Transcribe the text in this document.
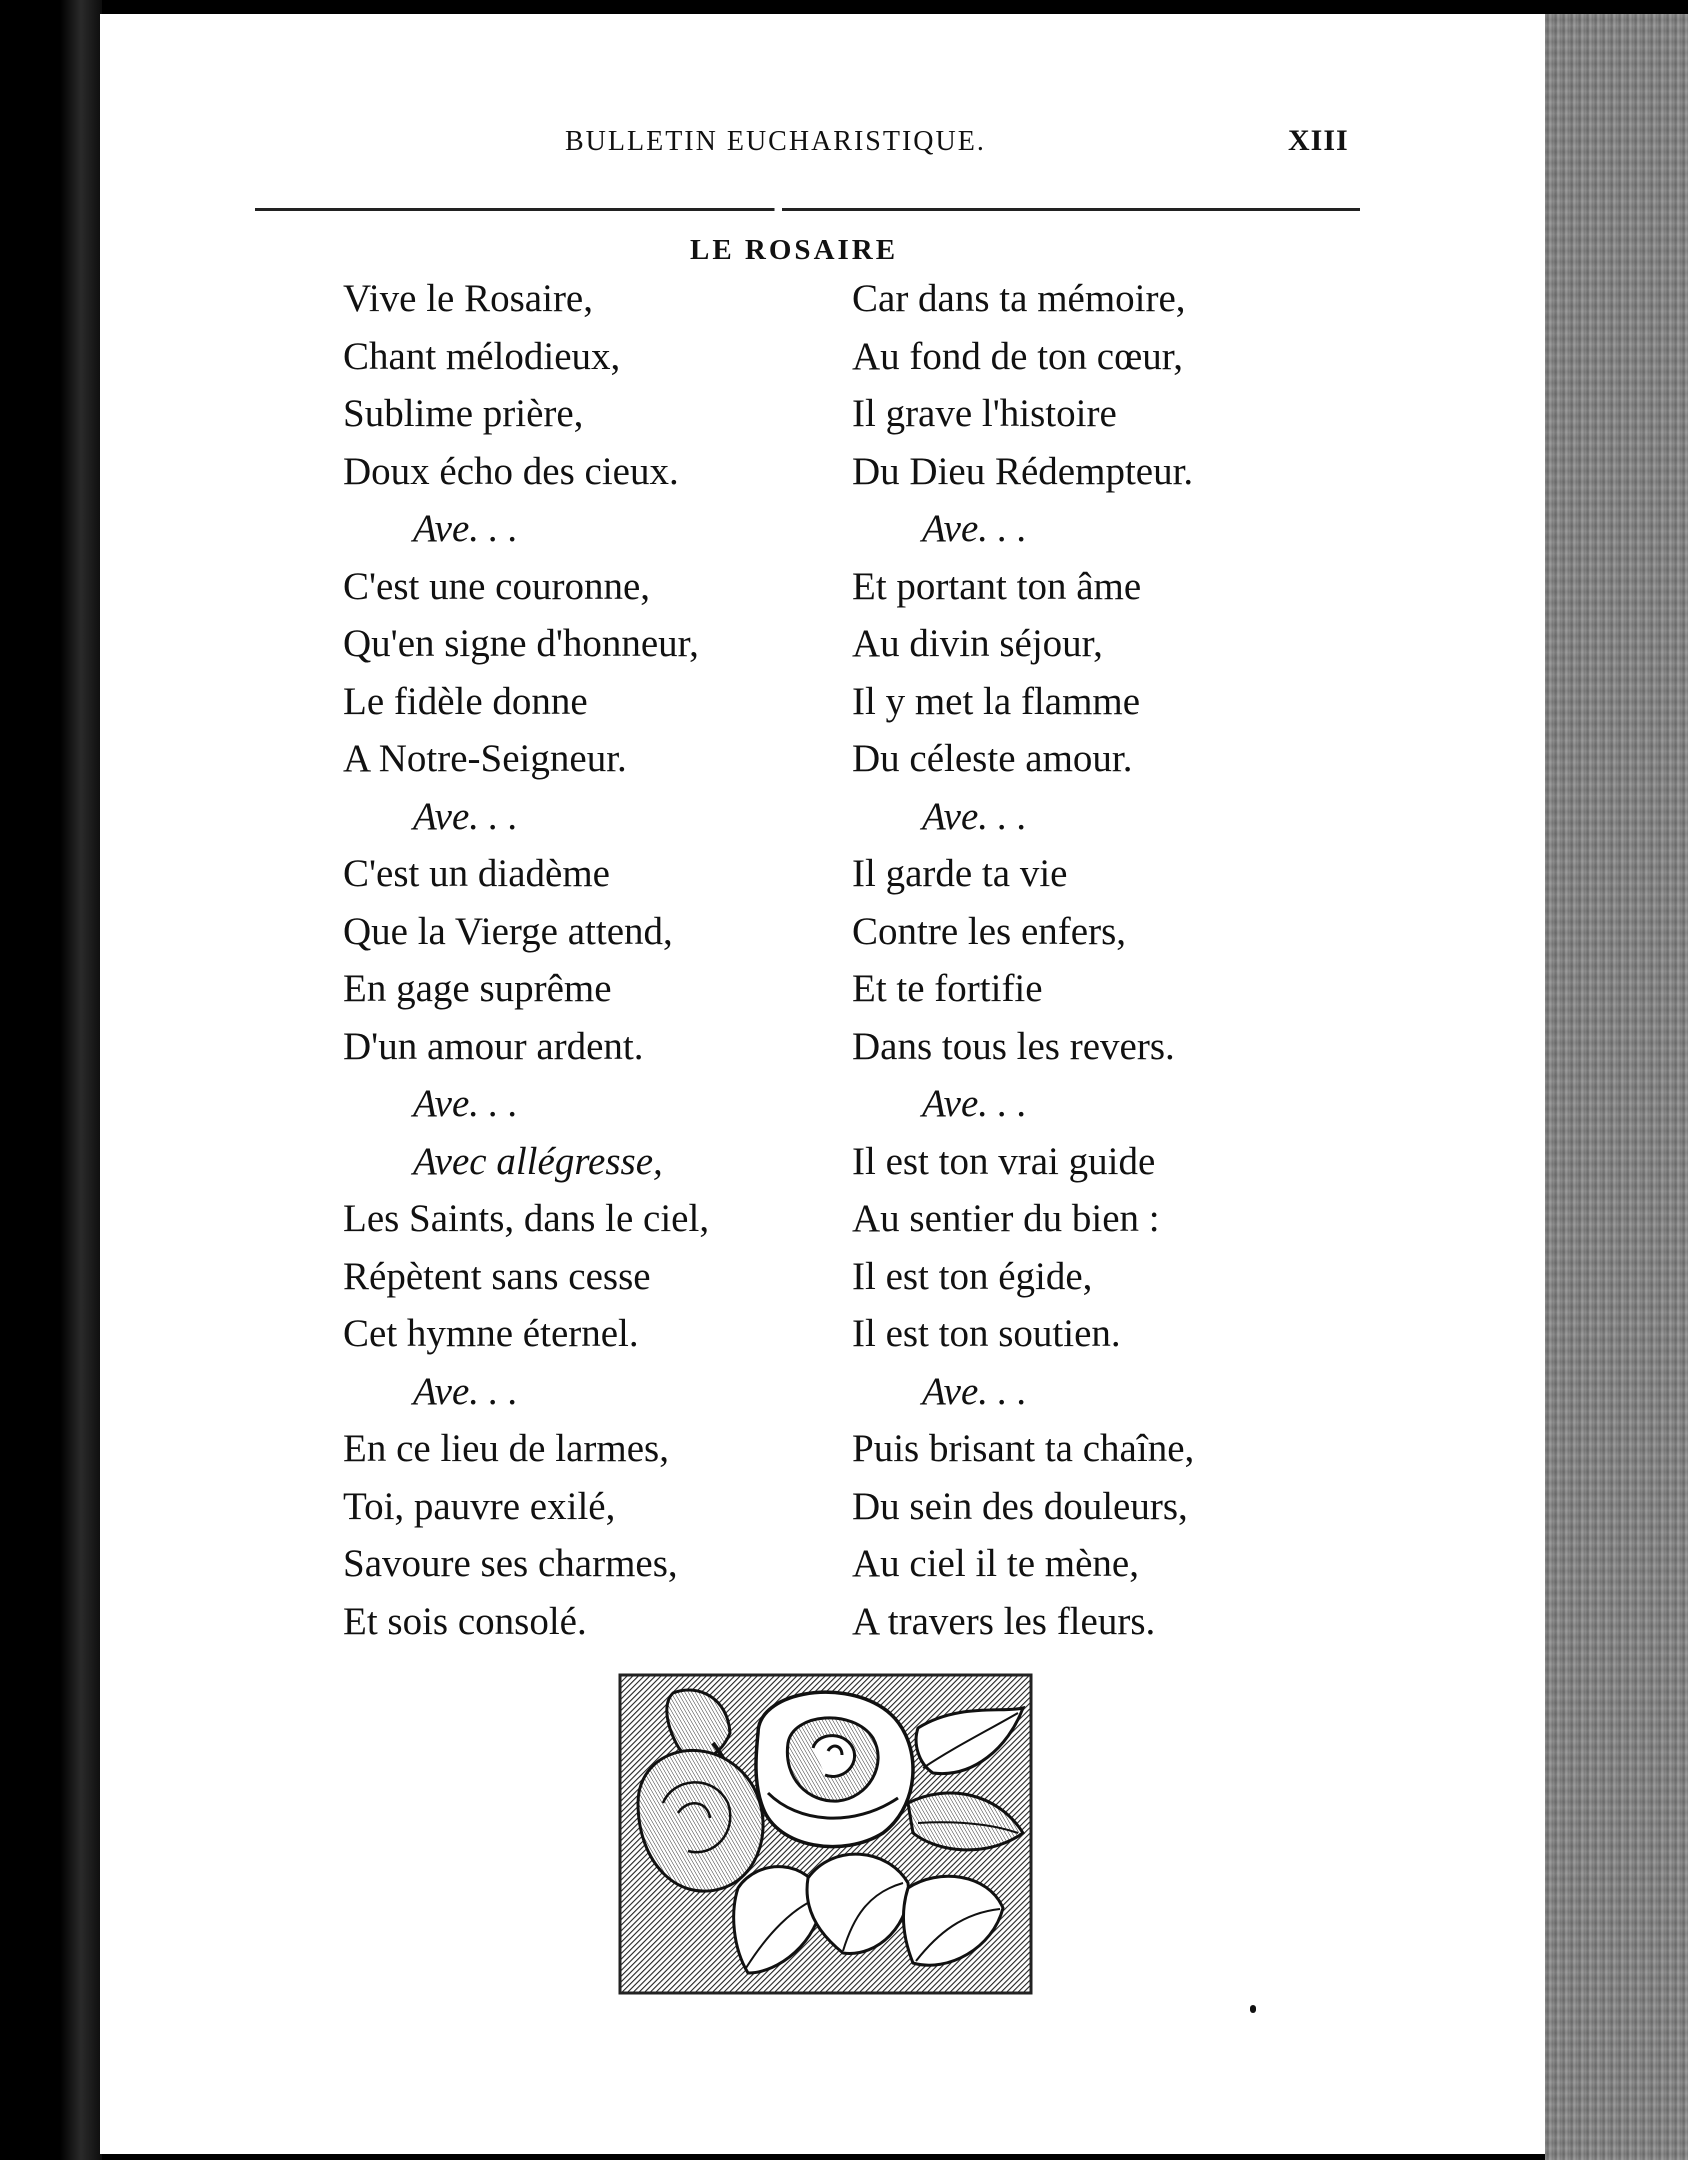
BULLETIN EUCHARISTIQUE.	XIII
LE ROSAIRE
Vive le Rosaire,
Chant mélodieux,
Sublime prière,
Doux écho des cieux.
Ave. . .
C'est une couronne,
Qu'en signe d'honneur,
Le fidèle donne
A Notre-Seigneur.
Ave. . .
C'est un diadème
Que la Vierge attend,
En gage suprême
D'un amour ardent.
Ave. . .
Avec allégresse,
Les Saints, dans le ciel,
Répètent sans cesse
Cet hymne éternel.
Ave. . .
En ce lieu de larmes,
Toi, pauvre exilé,
Savoure ses charmes,
Et sois consolé.
Car dans ta mémoire,
Au fond de ton cœur,
Il grave l'histoire
Du Dieu Rédempteur.
Ave. . .
Et portant ton âme
Au divin séjour,
Il y met la flamme
Du céleste amour.
Ave. . .
Il garde ta vie
Contre les enfers,
Et te fortifie
Dans tous les revers.
Ave. . .
Il est ton vrai guide
Au sentier du bien :
Il est ton égide,
Il est ton soutien.
Ave. . .
Puis brisant ta chaîne,
Du sein des douleurs,
Au ciel il te mène,
A travers les fleurs.
